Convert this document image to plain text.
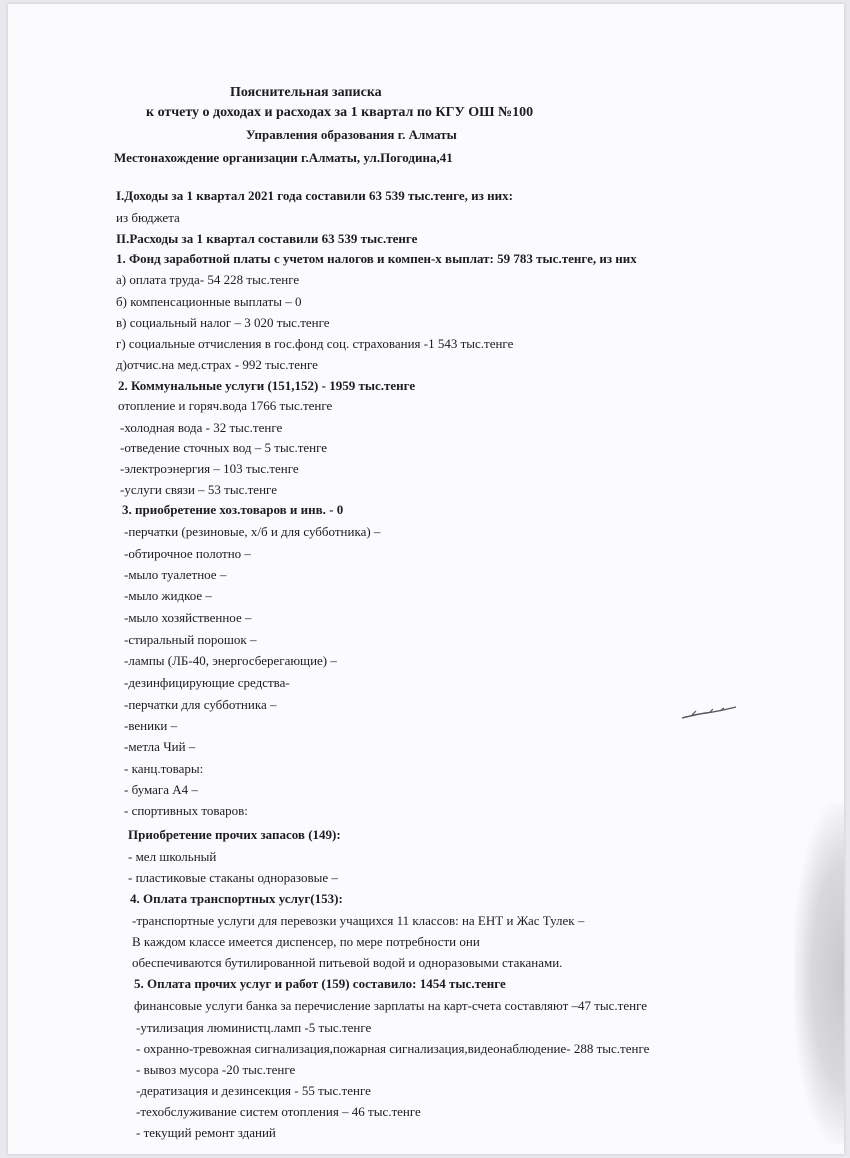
Пояснительная записка
к отчету о доходах и расходах за 1 квартал по КГУ ОШ №100
Управления образования г. Алматы
Местонахождение организации г.Алматы, ул.Погодина,41
I.Доходы за 1 квартал 2021 года составили 63 539 тыс.тенге, из них:
из бюджета
II.Расходы за 1 квартал составили 63 539 тыс.тенге
1. Фонд заработной платы с учетом налогов и компен-х выплат: 59 783 тыс.тенге, из них
а) оплата труда- 54 228 тыс.тенге
б) компенсационные выплаты – 0
в) социальный налог – 3 020 тыс.тенге
г) социальные отчисления в гос.фонд соц. страхования -1 543 тыс.тенге
д)отчис.на мед.страх - 992 тыс.тенге
2. Коммунальные услуги (151,152) - 1959 тыс.тенге
отопление и горяч.вода 1766 тыс.тенге
-холодная вода - 32 тыс.тенге
-отведение сточных вод – 5 тыс.тенге
-электроэнергия – 103 тыс.тенге
-услуги связи – 53 тыс.тенге
3. приобретение хоз.товаров и инв. - 0
-перчатки (резиновые, х/б и для субботника) –
-обтирочное полотно –
-мыло туалетное –
-мыло жидкое –
-мыло хозяйственное –
-стиральный порошок –
-лампы (ЛБ-40, энергосберегающие) –
-дезинфицирующие средства-
-перчатки для субботника –
-веники –
-метла Чий –
- канц.товары:
- бумага А4 –
- спортивных товаров:
Приобретение прочих запасов (149):
- мел школьный
- пластиковые стаканы одноразовые –
4. Оплата транспортных услуг(153):
-транспортные услуги для перевозки учащихся 11 классов: на ЕНТ и Жас Тулек –
В каждом классе имеется диспенсер, по мере потребности они
обеспечиваются бутилированной питьевой водой и одноразовыми стаканами.
5. Оплата прочих услуг и работ (159) составило: 1454 тыс.тенге
финансовые услуги банка за перечисление зарплаты на карт-счета составляют –47 тыс.тенге
-утилизация люминистц.ламп -5 тыс.тенге
- охранно-тревожная сигнализация,пожарная сигнализация,видеонаблюдение- 288 тыс.тенге
- вывоз мусора -20 тыс.тенге
-дератизация и дезинсекция - 55 тыс.тенге
-техобслуживание систем отопления – 46 тыс.тенге
- текущий ремонт зданий
